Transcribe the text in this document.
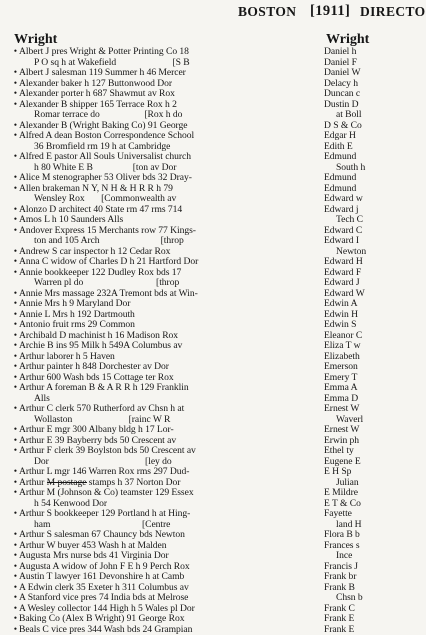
BOSTON [1911] DIRECTO
Wright
• Albert J pres Wright & Potter Printing Co 18
P O sq h at Wakefield                        [S B
• Albert J salesman 119 Summer h 46 Mercer
• Alexander baker h 127 Buttonwood Dor
• Alexander porter h 687 Shawmut av Rox
• Alexander B shipper 165 Terrace Rox h 2
Romar terrace do                   [Rox h do
• Alexander B (Wright Baking Co) 91 George
• Alfred A dean Boston Correspondence School
36 Bromfield rm 19 h at Cambridge
• Alfred E pastor All Souls Universalist church
h 80 White E B                 [ton av Dor
• Alice M stenographer 53 Oliver bds 32 Dray-
• Allen brakeman N Y, N H & H R R h 79
Wensley Rox       [Commonwealth av
• Alonzo D architect 40 State rm 47 rms 714
• Amos L h 10 Saunders Alls
• Andover Express 15 Merchants row 77 Kings-
ton and 105 Arch                          [throp
• Andrew S car inspector h 12 Cedar Rox
• Anna C widow of Charles D h 21 Hartford Dor
• Annie bookkeeper 122 Dudley Rox bds 17
Warren pl do                               [throp
• Annie Mrs massage 232A Tremont bds at Win-
• Annie Mrs h 9 Maryland Dor
• Annie L Mrs h 192 Dartmouth
• Antonio fruit rms 29 Common
• Archibald D machinist h 16 Madison Rox
• Archie B ins 95 Milk h 549A Columbus av
• Arthur laborer h 5 Haven
• Arthur painter h 848 Dorchester av Dor
• Arthur 600 Wash bds 15 Cottage ter Rox
• Arthur A foreman B & A R R h 129 Franklin
Alls
• Arthur C clerk 570 Rutherford av Chsn h at
Wollaston                        [rainc W R
• Arthur E mgr 300 Albany bldg h 17 Lor-
• Arthur E 39 Bayberry bds 50 Crescent av
• Arthur F clerk 39 Boylston bds 50 Crescent av
Dor                                         [ley do
• Arthur L mgr 146 Warren Rox rms 297 Dud-
• Arthur M postage stamps h 37 Norton Dor
• Arthur M (Johnson & Co) teamster 129 Essex
h 54 Kenwood Dor
• Arthur S bookkeeper 129 Portland h at Hing-
ham                                       [Centre
• Arthur S salesman 67 Chauncy bds Newton
• Arthur W buyer 453 Wash h at Malden
• Augusta Mrs nurse bds 41 Virginia Dor
• Augusta A widow of John F E h 9 Perch Rox
• Austin T lawyer 161 Devonshire h at Camb
• A Edwin clerk 35 Exeter h 311 Columbus av
• A Stanford vice pres 74 India bds at Melrose
• A Wesley collector 144 High h 5 Wales pl Dor
• Baking Co (Alex B Wright) 91 George Rox
• Beals C vice pres 344 Wash bds 24 Grampian
Wright
Daniel h
Daniel F
Daniel W
Delacy h
Duncan c
Dustin D
at Boll
D S & Co
Edgar H
Edith E
Edmund
South h
Edmund
Edmund
Edward w
Edward j
Tech C
Edward C
Edward I
Newton
Edward H
Edward F
Edward J
Edward W
Edwin A
Edwin H
Edwin S
Eleanor C
Eliza T w
Elizabeth
Emerson
Emery T
Emma A
Emma D
Ernest W
Waverl
Ernest W
Erwin ph
Ethel ty
Eugene E
E H Sp
Julian
E Mildre
E T & Co
Fayette
land H
Flora B b
Frances s
Ince
Francis J
Frank br
Frank B
Chsn b
Frank C
Frank E
Frank E
